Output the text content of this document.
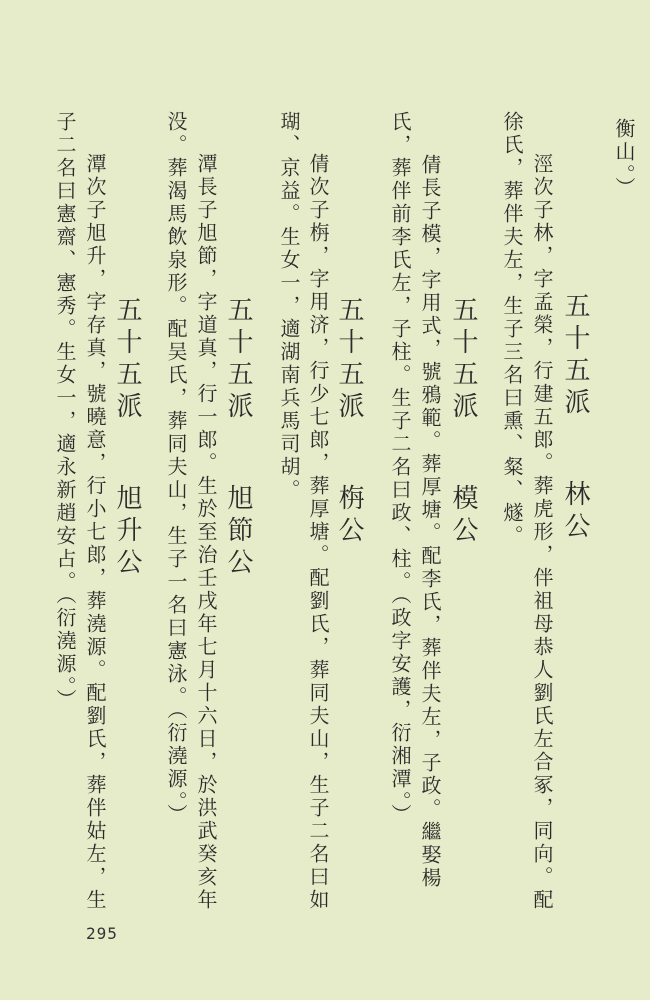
衡山。）
五十五派林公
涇次子林，字孟榮，行建五郎。葬虎形，伴祖母恭人劉氏左合冢，同向。配
徐氏，葬伴夫左，生子三名曰熏、粲、燧。
五十五派模公
倩長子模，字用式，號鴉範。葬厚塘。配李氏，葬伴夫左，子政。繼娶楊
氏，葬伴前李氏左，子柱。生子二名曰政、柱。（政字安護，衍湘潭。）
五十五派栴公
倩次子栴，字用济，行少七郎，葬厚塘。配劉氏，葬同夫山，生子二名曰如
瑚、京益。生女一，適湖南兵馬司胡。
五十五派旭節公
潭長子旭節，字道真，行一郎。生於至治壬戌年七月十六日，於洪武癸亥年
没。葬渴馬飲泉形。配吴氏，葬同夫山，生子一名曰憲泳。（衍澆源。）
五十五派旭升公
潭次子旭升，字存真，號曉意，行小七郎，葬澆源。配劉氏，葬伴姑左，生
子二名曰憲齋、憲秀。生女一，適永新趙安占。（衍澆源。）
295
